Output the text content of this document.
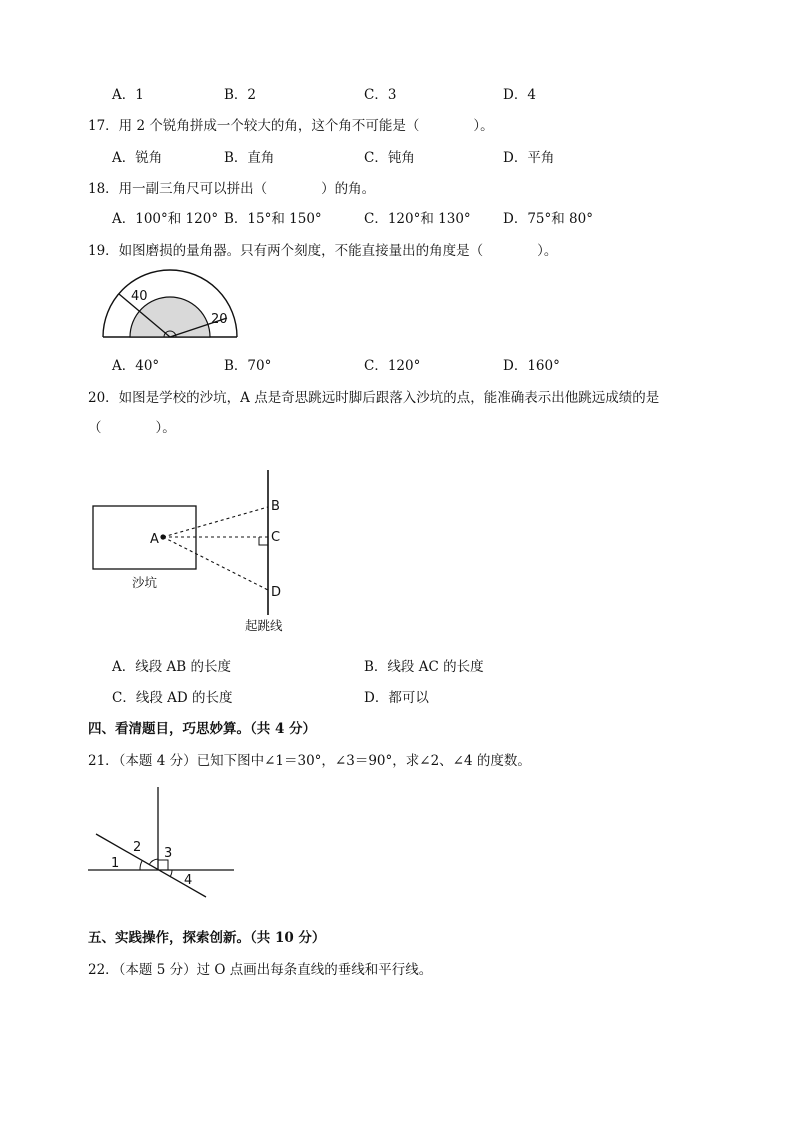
A．1	B．2	C．3	D．4
17．用 2 个锐角拼成一个较大的角，这个角不可能是（　　　　）。
A．锐角	B．直角	C．钝角	D．平角
18．用一副三角尺可以拼出（　　　　）的角。
A．100°和 120° B．15°和 150°	C．120°和 130° D．75°和 80°
19．如图磨损的量角器。只有两个刻度，不能直接量出的角度是（　　　　）。
40
20
A．40°	B．70°	C．120°	D．160°
20．如图是学校的沙坑，A 点是奇思跳远时脚后跟落入沙坑的点，能准确表示出他跳远成绩的是
（　　　　）。
A
B
C
D
沙坑
起跳线
A．线段 AB 的长度	B．线段 AC 的长度
C．线段 AD 的长度	D．都可以
四、看清题目，巧思妙算。（共 4 分）
21．（本题 4 分）已知下图中∠1＝30°，∠3＝90°，求∠2、∠4 的度数。
1
2 3
4
五、实践操作，探索创新。（共 10 分）
22．（本题 5 分）过 O 点画出每条直线的垂线和平行线。
